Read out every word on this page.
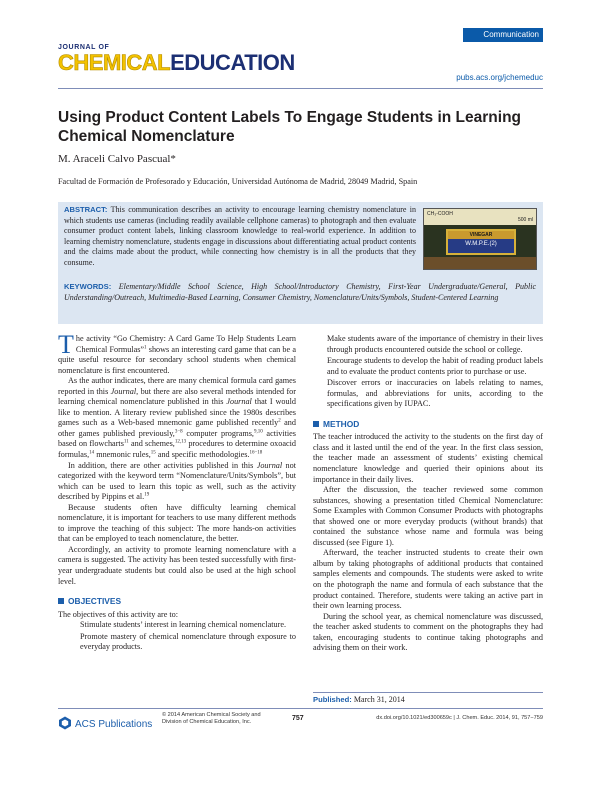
JOURNAL OF
CHEMICALEDUCATION
Communication
pubs.acs.org/jchemeduc
Using Product Content Labels To Engage Students in Learning Chemical Nomenclature
M. Araceli Calvo Pascual*
Facultad de Formación de Profesorado y Educación, Universidad Autónoma de Madrid, 28049 Madrid, Spain
ABSTRACT: This communication describes an activity to encourage learning chemistry nomenclature in which students use cameras (including readily available cellphone cameras) to photograph and then evaluate consumer product content labels, linking classroom knowledge to real-world experience. In addition to learning chemistry nomenclature, students engage in discussions about differentiating actual product contents and the claims made about the product, while connecting how chemistry is in all the products that they consume.
CH₃-COOH
500 ml
VINEGAR
W.M.P.E.(2)
KEYWORDS: Elementary/Middle School Science, High School/Introductory Chemistry, First-Year Undergraduate/General, Public Understanding/Outreach, Multimedia-Based Learning, Consumer Chemistry, Nomenclature/Units/Symbols, Student-Centered Learning

The activity “Go Chemistry: A Card Game To Help Students Learn Chemical Formulas”$^1$ shows an interesting card game that can be a quite useful resource for secondary school students when chemical nomenclature is first encountered.

As the author indicates, there are many chemical formula card games reported in this Journal, but there are also several methods intended for learning chemical nomenclature published in this Journal that I would like to mention. A literary review published since the 1980s describes games such as a Web-based mnemonic game published recently$^2$ and other games published previously,$^{3-8}$ computer programs,$^{9,10}$ activities based on flowcharts$^{11}$ and schemes,$^{12,13}$ procedures to determine oxoacid formulas,$^{14}$ mnemonic rules,$^{15}$ and specific methodologies.$^{16-18}$

In addition, there are other activities published in this Journal not categorized with the keyword term “Nomenclature/Units/Symbols”, but which can be used to learn this topic as well, such as the activity described by Pippins et al.$^{19}$

Because students often have difficulty learning chemical nomenclature, it is important for teachers to use many different methods to improve the teaching of this subject: The more hands-on activities that can be employed to teach nomenclature, the better.

Accordingly, an activity to promote learning nomenclature with a camera is suggested. The activity has been tested successfully with first-year undergraduate students but could also be used at the high school level.

OBJECTIVES

The objectives of this activity are to:

Stimulate students’ interest in learning chemical nomenclature.
Promote mastery of chemical nomenclature through exposure to everyday products.
Make students aware of the importance of chemistry in their lives through products encountered outside the school or college.
Encourage students to develop the habit of reading product labels and to evaluate the product contents prior to purchase or use.
Discover errors or inaccuracies on labels relating to names, formulas, and abbreviations for units, according to the specifications given by IUPAC.
METHOD

The teacher introduced the activity to the students on the first day of class and it lasted until the end of the year. In the first class session, the teacher made an assessment of students’ existing chemical nomenclature knowledge and queried their opinions about its importance in their daily lives.

After the discussion, the teacher reviewed some common substances, showing a presentation titled Chemical Nomenclature: Some Examples with Common Consumer Products with photographs that showed one or more everyday products (without brands) that contained the substance whose name and formula was being discussed (see Figure 1).

Afterward, the teacher instructed students to create their own album by taking photographs of additional products that contained samples elements and compounds. The students were asked to write on the photograph the name and formula of each substance that the product contained. Therefore, students were taking an active part in their own learning process.

During the school year, as chemical nomenclature was discussed, the teacher asked students to comment on the photographs they had taken, encouraging students to continue taking photographs and advising them on their work.

Published: March 31, 2014
ACS Publications
© 2014 American Chemical Society and
Division of Chemical Education, Inc.	757	dx.doi.org/10.1021/ed300659c | J. Chem. Educ. 2014, 91, 757−759
